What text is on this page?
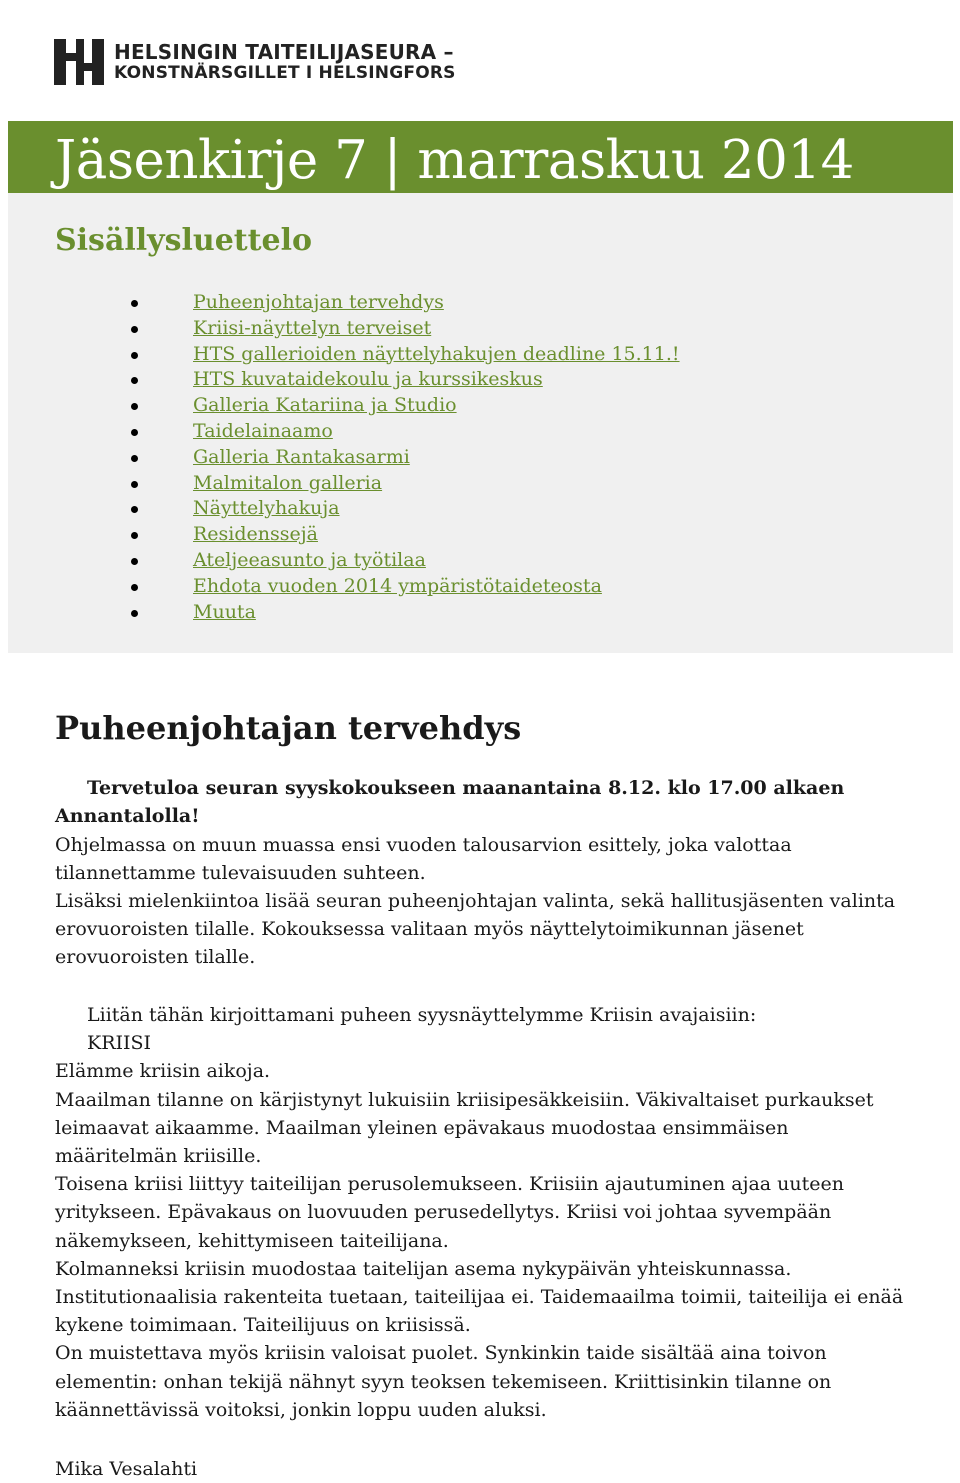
HELSINGIN TAITEILIJASEURA –
KONSTNÄRSGILLET I HELSINGFORS
Jäsenkirje 7 | marraskuu 2014
Sisällysluettelo
Puheenjohtajan tervehdys
Kriisi-näyttelyn terveiset
HTS gallerioiden näyttelyhakujen deadline 15.11.!
HTS kuvataidekoulu ja kurssikeskus
Galleria Katariina ja Studio
Taidelainaamo
Galleria Rantakasarmi
Malmitalon galleria
Näyttelyhakuja
Residenssejä
Ateljeeasunto ja työtilaa
Ehdota vuoden 2014 ympäristötaideteosta
Muuta
Puheenjohtajan tervehdys

Tervetuloa seuran syyskokoukseen maanantaina 8.12. klo 17.00 alkaen Annantalolla!

Ohjelmassa on muun muassa ensi vuoden talousarvion esittely, joka valottaa tilannettamme tulevaisuuden suhteen.

Lisäksi mielenkiintoa lisää seuran puheenjohtajan valinta, sekä hallitusjäsenten valinta erovuoroisten tilalle. Kokouksessa valitaan myös näyttelytoimikunnan jäsenet erovuoroisten tilalle.

Liitän tähän kirjoittamani puheen syysnäyttelymme Kriisin avajaisiin:
KRIISI
Elämme kriisin aikoja.
Maailman tilanne on kärjistynyt lukuisiin kriisipesäkkeisiin. Väkivaltaiset purkaukset leimaavat aikaamme. Maailman yleinen epävakaus muodostaa ensimmäisen määritelmän kriisille.
Toisena kriisi liittyy taiteilijan perusolemukseen. Kriisiin ajautuminen ajaa uuteen yritykseen. Epävakaus on luovuuden perusedellytys. Kriisi voi johtaa syvempään näkemykseen, kehittymiseen taiteilijana.
Kolmanneksi kriisin muodostaa taitelijan asema nykypäivän yhteiskunnassa. Institutionaalisia rakenteita tuetaan, taiteilijaa ei. Taidemaailma toimii, taiteilija ei enää kykene toimimaan. Taiteilijuus on kriisissä.
On muistettava myös kriisin valoisat puolet. Synkinkin taide sisältää aina toivon elementin: onhan tekijä nähnyt syyn teoksen tekemiseen. Kriittisinkin tilanne on käännettävissä voitoksi, jonkin loppu uuden aluksi.

Mika Vesalahti
